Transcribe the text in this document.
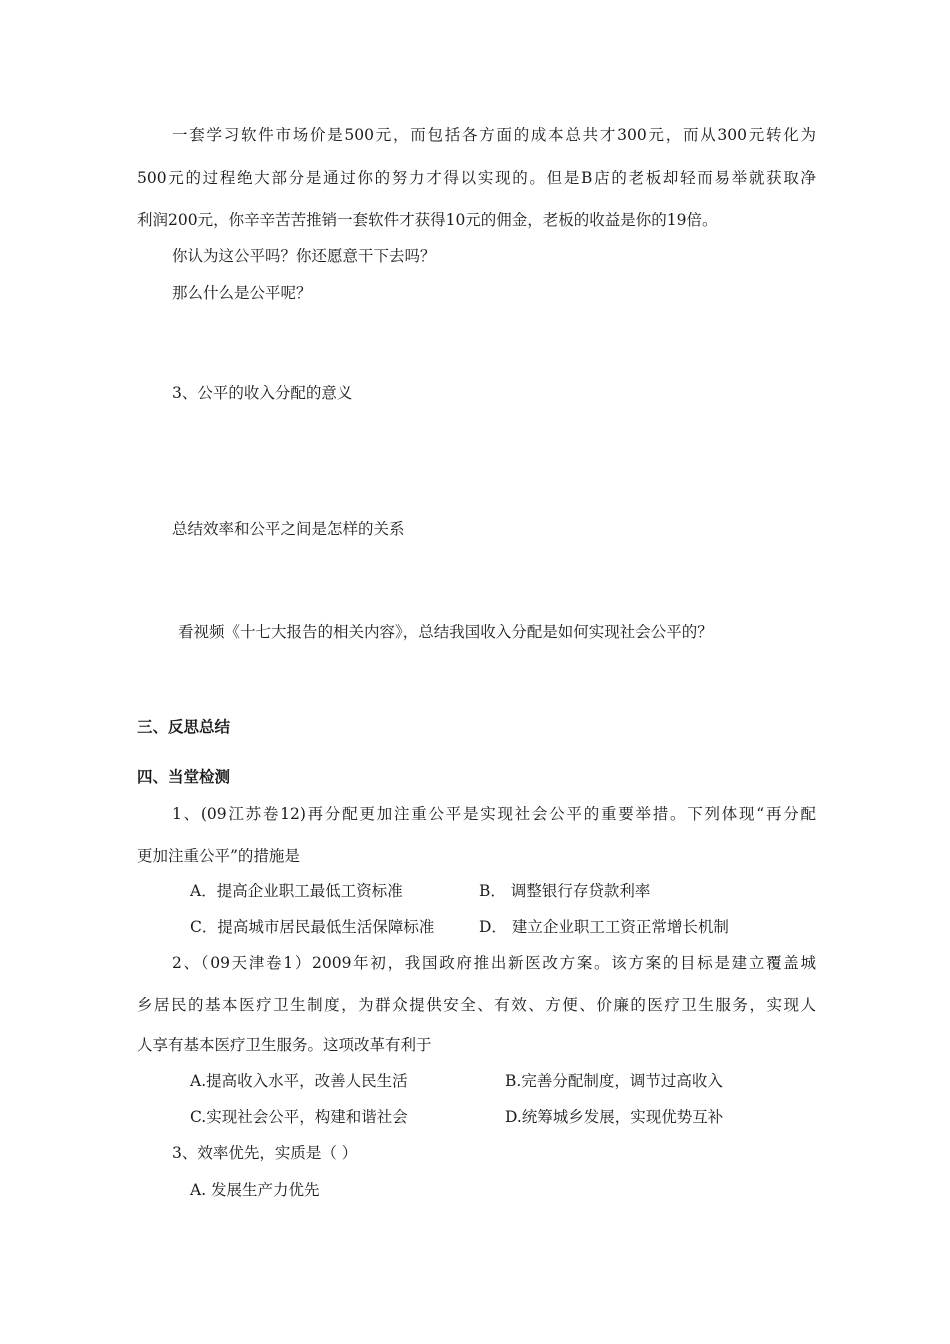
一套学习软件市场价是500元，而包括各方面的成本总共才300元，而从300元转化为
500元的过程绝大部分是通过你的努力才得以实现的。但是B店的老板却轻而易举就获取净
利润200元，你辛辛苦苦推销一套软件才获得10元的佣金，老板的收益是你的19倍。
你认为这公平吗？你还愿意干下去吗？
那么什么是公平呢？
3、公平的收入分配的意义
总结效率和公平之间是怎样的关系
看视频《十七大报告的相关内容》，总结我国收入分配是如何实现社会公平的？
三、反思总结
四、当堂检测
1、(09江苏卷12)再分配更加注重公平是实现社会公平的重要举措。下列体现“再分配
更加注重公平”的措施是
A．提高企业职工最低工资标准	B． 调整银行存贷款利率
C．提高城市居民最低生活保障标准	D． 建立企业职工工资正常增长机制
2、（09天津卷1）2009年初，我国政府推出新医改方案。该方案的目标是建立覆盖城
乡居民的基本医疗卫生制度，为群众提供安全、有效、方便、价廉的医疗卫生服务，实现人
人享有基本医疗卫生服务。这项改革有利于
A.提高收入水平，改善人民生活	B.完善分配制度，调节过高收入
C.实现社会公平，构建和谐社会	D.统筹城乡发展，实现优势互补
3、效率优先，实质是（ ）
A. 发展生产力优先
